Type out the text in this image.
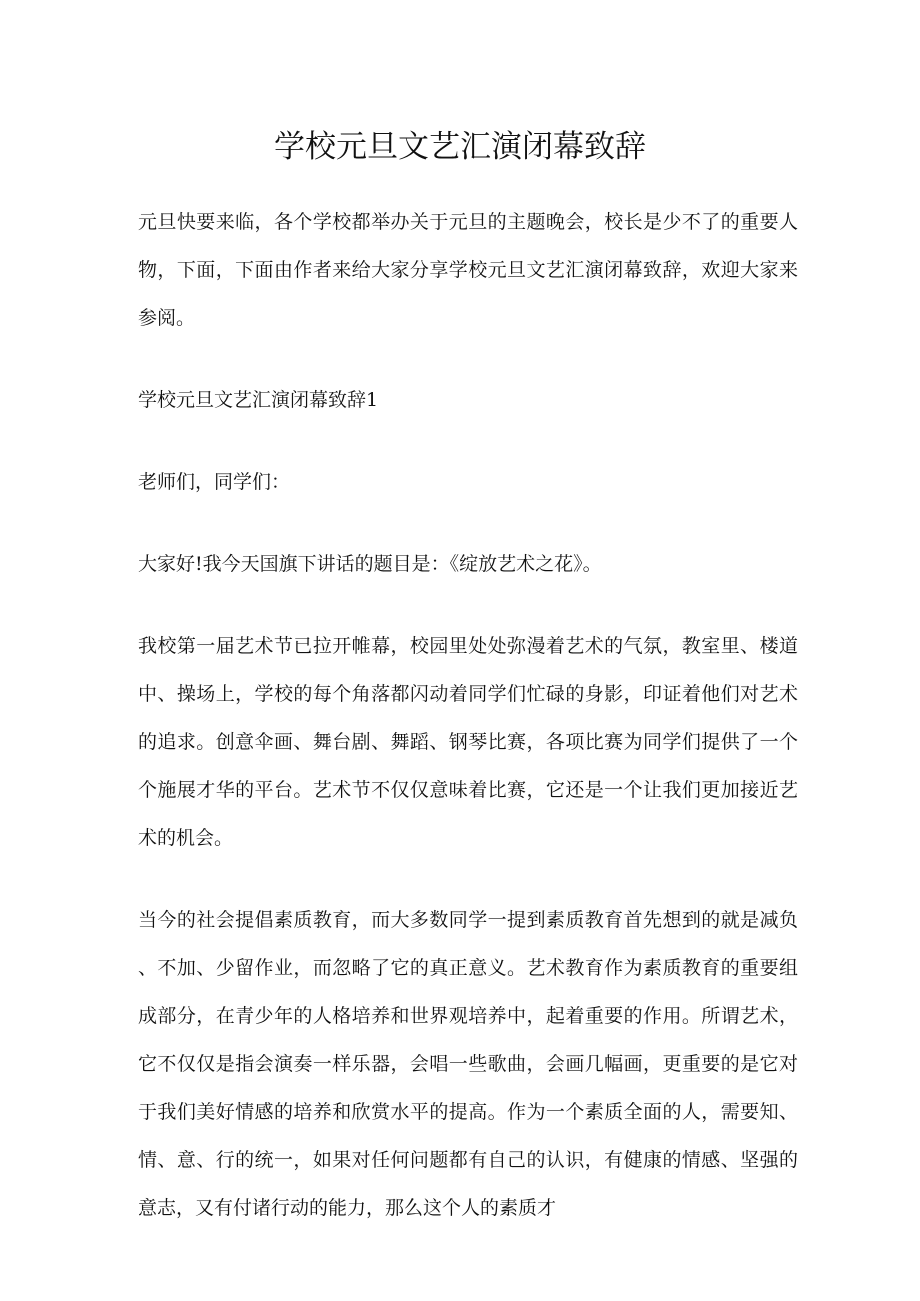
学校元旦文艺汇演闭幕致辞

元旦快要来临，各个学校都举办关于元旦的主题晚会，校长是少不了的重要人物，下面，下面由作者来给大家分享学校元旦文艺汇演闭幕致辞，欢迎大家来参阅。

学校元旦文艺汇演闭幕致辞1

老师们，同学们：

大家好!我今天国旗下讲话的题目是：《绽放艺术之花》。

我校第一届艺术节已拉开帷幕，校园里处处弥漫着艺术的气氛，教室里、楼道中、操场上，学校的每个角落都闪动着同学们忙碌的身影，印证着他们对艺术的追求。创意伞画、舞台剧、舞蹈、钢琴比赛，各项比赛为同学们提供了一个个施展才华的平台。艺术节不仅仅意味着比赛，它还是一个让我们更加接近艺术的机会。

当今的社会提倡素质教育，而大多数同学一提到素质教育首先想到的就是减负、不加、少留作业，而忽略了它的真正意义。艺术教育作为素质教育的重要组成部分，在青少年的人格培养和世界观培养中，起着重要的作用。所谓艺术，它不仅仅是指会演奏一样乐器，会唱一些歌曲，会画几幅画，更重要的是它对于我们美好情感的培养和欣赏水平的提高。作为一个素质全面的人，需要知、情、意、行的统一，如果对任何问题都有自己的认识，有健康的情感、坚强的意志，又有付诸行动的能力，那么这个人的素质才
